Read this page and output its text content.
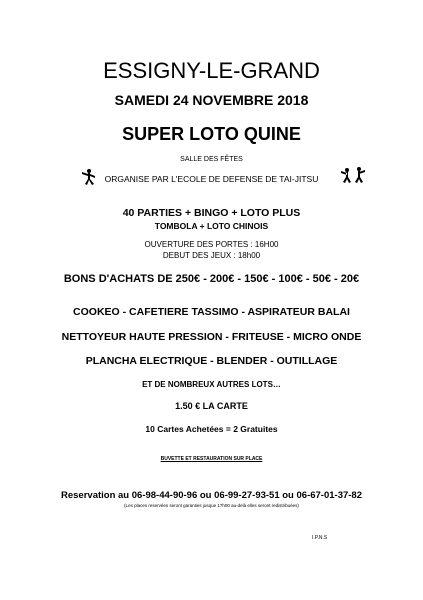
ESSIGNY-LE-GRAND
SAMEDI 24 NOVEMBRE 2018
SUPER LOTO QUINE
SALLE DES FÊTES
ORGANISE PAR L'ECOLE DE DEFENSE DE TAI-JITSU
40 PARTIES + BINGO + LOTO PLUS
TOMBOLA + LOTO CHINOIS
OUVERTURE DES PORTES : 16H00
DEBUT DES JEUX : 18h00
BONS D'ACHATS DE 250€ - 200€ - 150€ - 100€ - 50€ - 20€
COOKEO - CAFETIERE TASSIMO - ASPIRATEUR BALAI
NETTOYEUR HAUTE PRESSION - FRITEUSE - MICRO ONDE
PLANCHA ELECTRIQUE - BLENDER - OUTILLAGE
ET DE NOMBREUX AUTRES LOTS…
1.50 € LA CARTE
10 Cartes Achetées = 2 Gratuites
BUVETTE ET RESTAURATION SUR PLACE
Reservation au 06-98-44-90-96 ou 06-99-27-93-51 ou 06-67-01-37-82
(Les places reservées seront garanties jusque 17h00 au-delà elles seront redistribuées)
I.P.N.S
